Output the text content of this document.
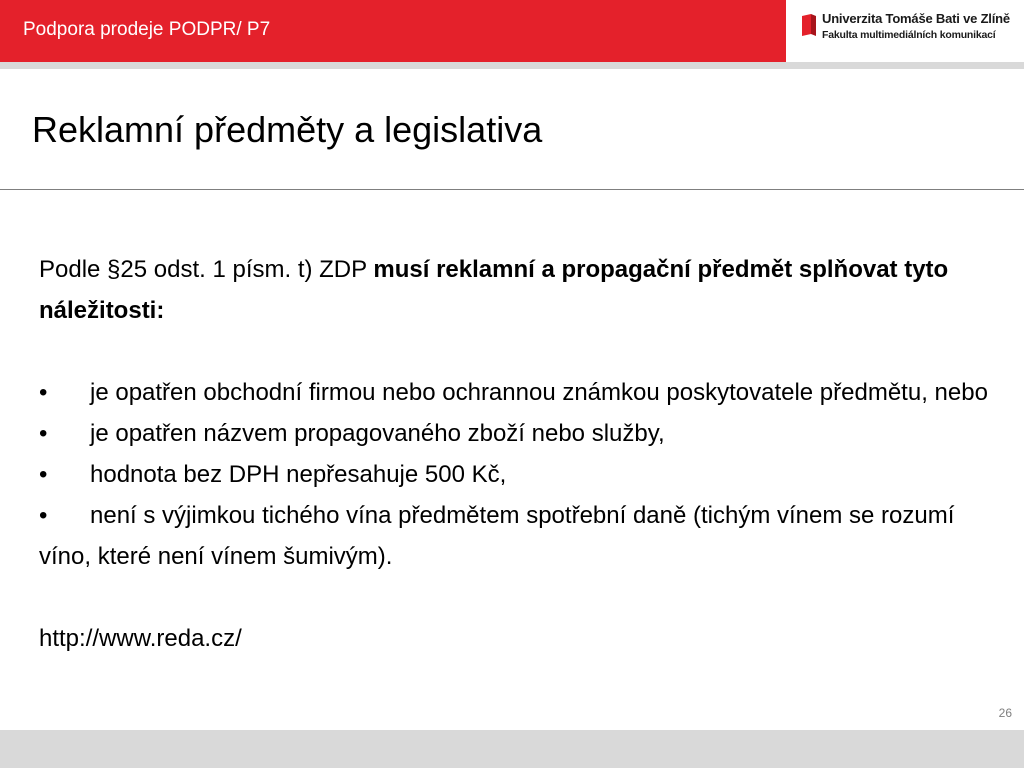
Podpora prodeje PODPR/ P7
Univerzita Tomáše Bati ve Zlíně
Fakulta multimediálních komunikací
Reklamní předměty a legislativa

Podle §25 odst. 1 písm. t) ZDP musí reklamní a propagační předmět splňovat tyto náležitosti:

• je opatřen obchodní firmou nebo ochrannou známkou poskytovatele předmětu, nebo

• je opatřen názvem propagovaného zboží nebo služby,

• hodnota bez DPH nepřesahuje 500 Kč,

• není s výjimkou tichého vína předmětem spotřební daně (tichým vínem se rozumí víno, které není vínem šumivým).

http://www.reda.cz/

26
